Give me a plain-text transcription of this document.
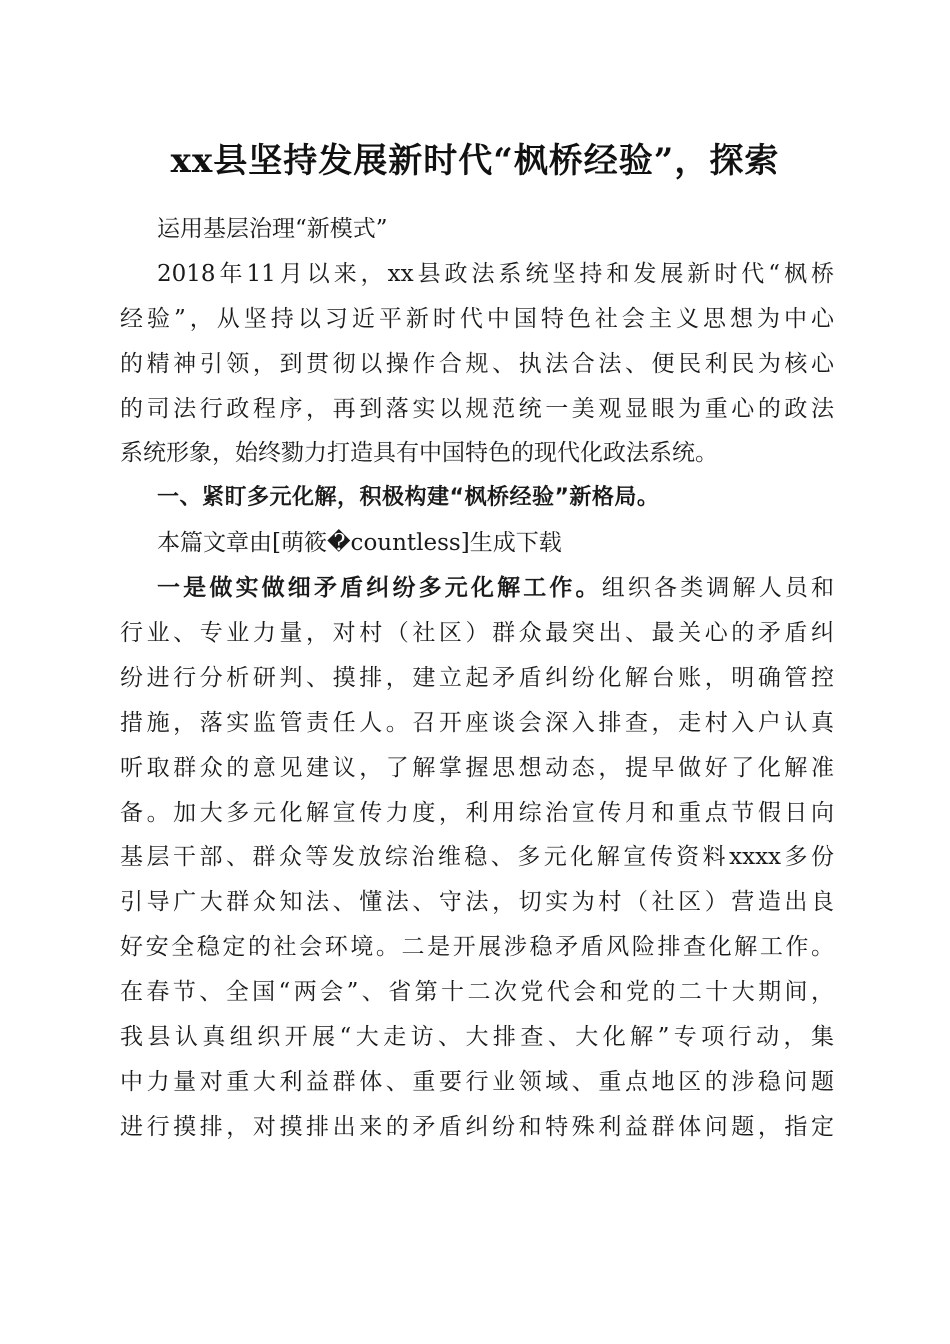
xx县坚持发展新时代“枫桥经验”，探索

运用基层治理“新模式”

2018年11月以来，xx县政法系统坚持和发展新时代“枫桥

经验”，从坚持以习近平新时代中国特色社会主义思想为中心

的精神引领，到贯彻以操作合规、执法合法、便民利民为核心

的司法行政程序，再到落实以规范统一美观显眼为重心的政法

系统形象，始终勠力打造具有中国特色的现代化政法系统。

一、紧盯多元化解，积极构建“枫桥经验”新格局。

本篇文章由[萌筱�countless]生成下载

一是做实做细矛盾纠纷多元化解工作。组织各类调解人员和

行业、专业力量，对村（社区）群众最突出、最关心的矛盾纠

纷进行分析研判、摸排，建立起矛盾纠纷化解台账，明确管控

措施，落实监管责任人。召开座谈会深入排查，走村入户认真

听取群众的意见建议，了解掌握思想动态，提早做好了化解准

备。加大多元化解宣传力度，利用综治宣传月和重点节假日向

基层干部、群众等发放综治维稳、多元化解宣传资料xxxx多份

引导广大群众知法、懂法、守法，切实为村（社区）营造出良

好安全稳定的社会环境。二是开展涉稳矛盾风险排查化解工作。

在春节、全国“两会”、省第十二次党代会和党的二十大期间，

我县认真组织开展“大走访、大排查、大化解”专项行动，集

中力量对重大利益群体、重要行业领域、重点地区的涉稳问题

进行摸排，对摸排出来的矛盾纠纷和特殊利益群体问题，指定
